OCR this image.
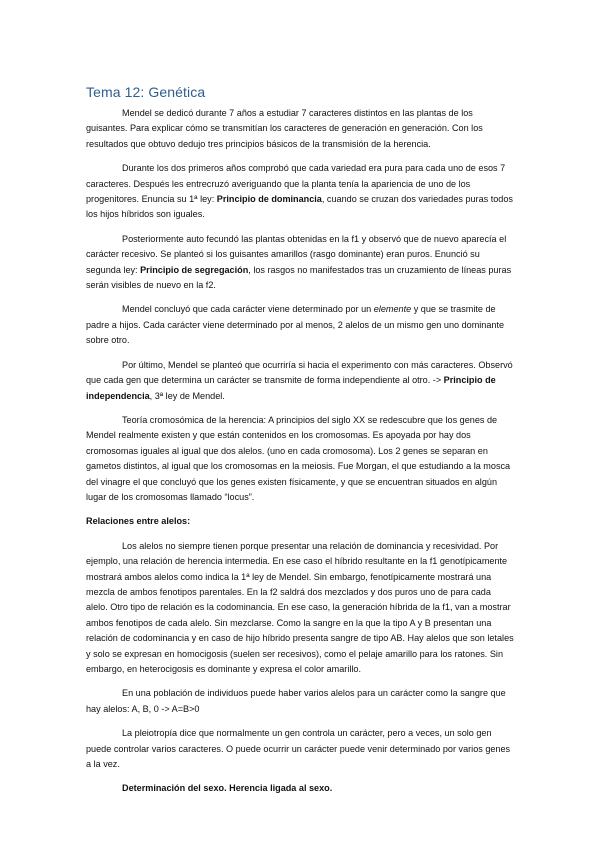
Tema 12: Genética

Mendel se dedicó durante 7 años a estudiar 7 caracteres distintos en las plantas de los guisantes. Para explicar cómo se transmitían los caracteres de generación en generación. Con los resultados que obtuvo dedujo tres principios básicos de la transmisión de la herencia.

Durante los dos primeros años comprobó que cada variedad era pura para cada uno de esos 7 caracteres. Después les entrecruzó averiguando que la planta tenía la apariencia de uno de los progenitores. Enuncia su 1ª ley: Principio de dominancia, cuando se cruzan dos variedades puras todos los hijos híbridos son iguales.

Posteriormente auto fecundó las plantas obtenidas en la f1 y observó que de nuevo aparecía el carácter recesivo. Se planteó si los guisantes amarillos (rasgo dominante) eran puros. Enunció su segunda ley: Principio de segregación, los rasgos no manifestados tras un cruzamiento de líneas puras serán visibles de nuevo en la f2.

Mendel concluyó que cada carácter viene determinado por un elemente y que se trasmite de padre a hijos. Cada carácter viene determinado por al menos, 2 alelos de un mismo gen uno dominante sobre otro.

Por último, Mendel se planteó que ocurriría si hacia el experimento con más caracteres. Observó que cada gen que determina un carácter se transmite de forma independiente al otro. -> Principio de independencia, 3ª ley de Mendel.

Teoría cromosómica de la herencia: A principios del siglo XX se redescubre que los genes de Mendel realmente existen y que están contenidos en los cromosomas. Es apoyada por hay dos cromosomas iguales al igual que dos alelos. (uno en cada cromosoma). Los 2 genes se separan en gametos distintos, al igual que los cromosomas en la meiosis. Fue Morgan, el que estudiando a la mosca del vinagre el que concluyó que los genes existen físicamente, y que se encuentran situados en algún lugar de los cromosomas llamado “locus”.

Relaciones entre alelos:

Los alelos no siempre tienen porque presentar una relación de dominancia y recesividad. Por ejemplo, una relación de herencia intermedia. En ese caso el híbrido resultante en la f1 genotípicamente mostrará ambos alelos como indica la 1ª ley de Mendel. Sin embargo, fenotípicamente mostrará una mezcla de ambos fenotipos parentales. En la f2 saldrá dos mezclados y dos puros uno de para cada alelo. Otro tipo de relación es la codominancia. En ese caso, la generación híbrida de la f1, van a mostrar ambos fenotipos de cada alelo. Sin mezclarse. Como la sangre en la que la tipo A y B presentan una relación de codominancia y en caso de hijo híbrido presenta sangre de tipo AB. Hay alelos que son letales y solo se expresan en homocigosis (suelen ser recesivos), como el pelaje amarillo para los ratones. Sin embargo, en heterocigosis es dominante y expresa el color amarillo.

En una población de individuos puede haber varios alelos para un carácter como la sangre que hay alelos: A, B, 0 -> A=B>0

La pleiotropía dice que normalmente un gen controla un carácter, pero a veces, un solo gen puede controlar varios caracteres. O puede ocurrir un carácter puede venir determinado por varios genes a la vez.

Determinación del sexo. Herencia ligada al sexo.
